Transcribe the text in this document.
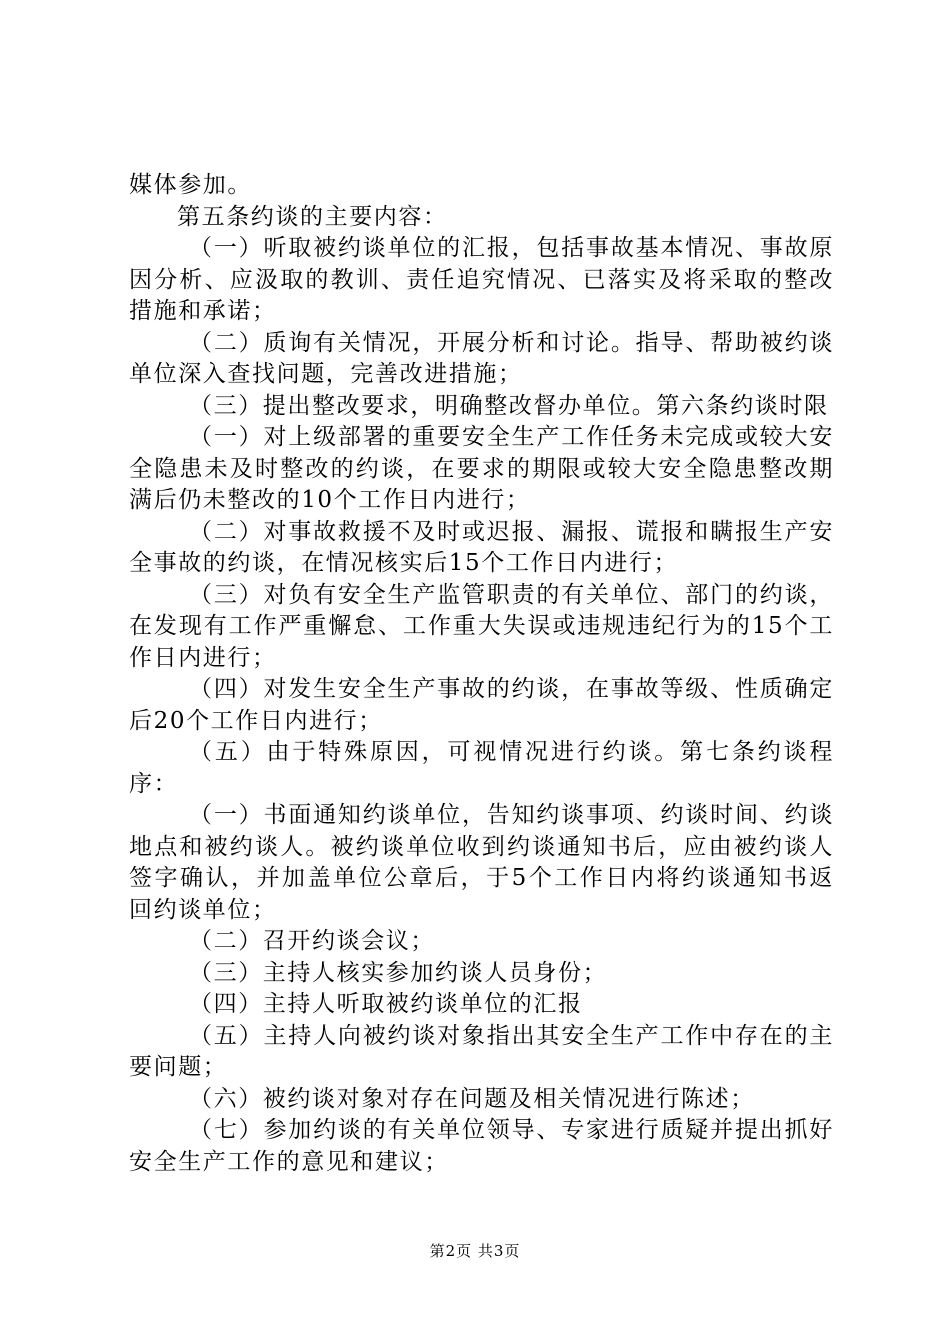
媒体参加。

第五条约谈的主要内容：

（一）听取被约谈单位的汇报，包括事故基本情况、事故原因分析、应汲取的教训、责任追究情况、已落实及将采取的整改措施和承诺；

（二）质询有关情况，开展分析和讨论。指导、帮助被约谈单位深入查找问题，完善改进措施；

（三）提出整改要求，明确整改督办单位。第六条约谈时限

（一）对上级部署的重要安全生产工作任务未完成或较大安全隐患未及时整改的约谈，在要求的期限或较大安全隐患整改期满后仍未整改的10个工作日内进行；

（二）对事故救援不及时或迟报、漏报、谎报和瞒报生产安全事故的约谈，在情况核实后15个工作日内进行；

（三）对负有安全生产监管职责的有关单位、部门的约谈，在发现有工作严重懈怠、工作重大失误或违规违纪行为的15个工作日内进行；

（四）对发生安全生产事故的约谈，在事故等级、性质确定后20个工作日内进行；

（五）由于特殊原因，可视情况进行约谈。第七条约谈程序：

（一）书面通知约谈单位，告知约谈事项、约谈时间、约谈地点和被约谈人。被约谈单位收到约谈通知书后，应由被约谈人签字确认，并加盖单位公章后，于5个工作日内将约谈通知书返回约谈单位；

（二）召开约谈会议；

（三）主持人核实参加约谈人员身份；

（四）主持人听取被约谈单位的汇报

（五）主持人向被约谈对象指出其安全生产工作中存在的主要问题；

（六）被约谈对象对存在问题及相关情况进行陈述；

（七）参加约谈的有关单位领导、专家进行质疑并提出抓好安全生产工作的意见和建议；

第2页 共3页
